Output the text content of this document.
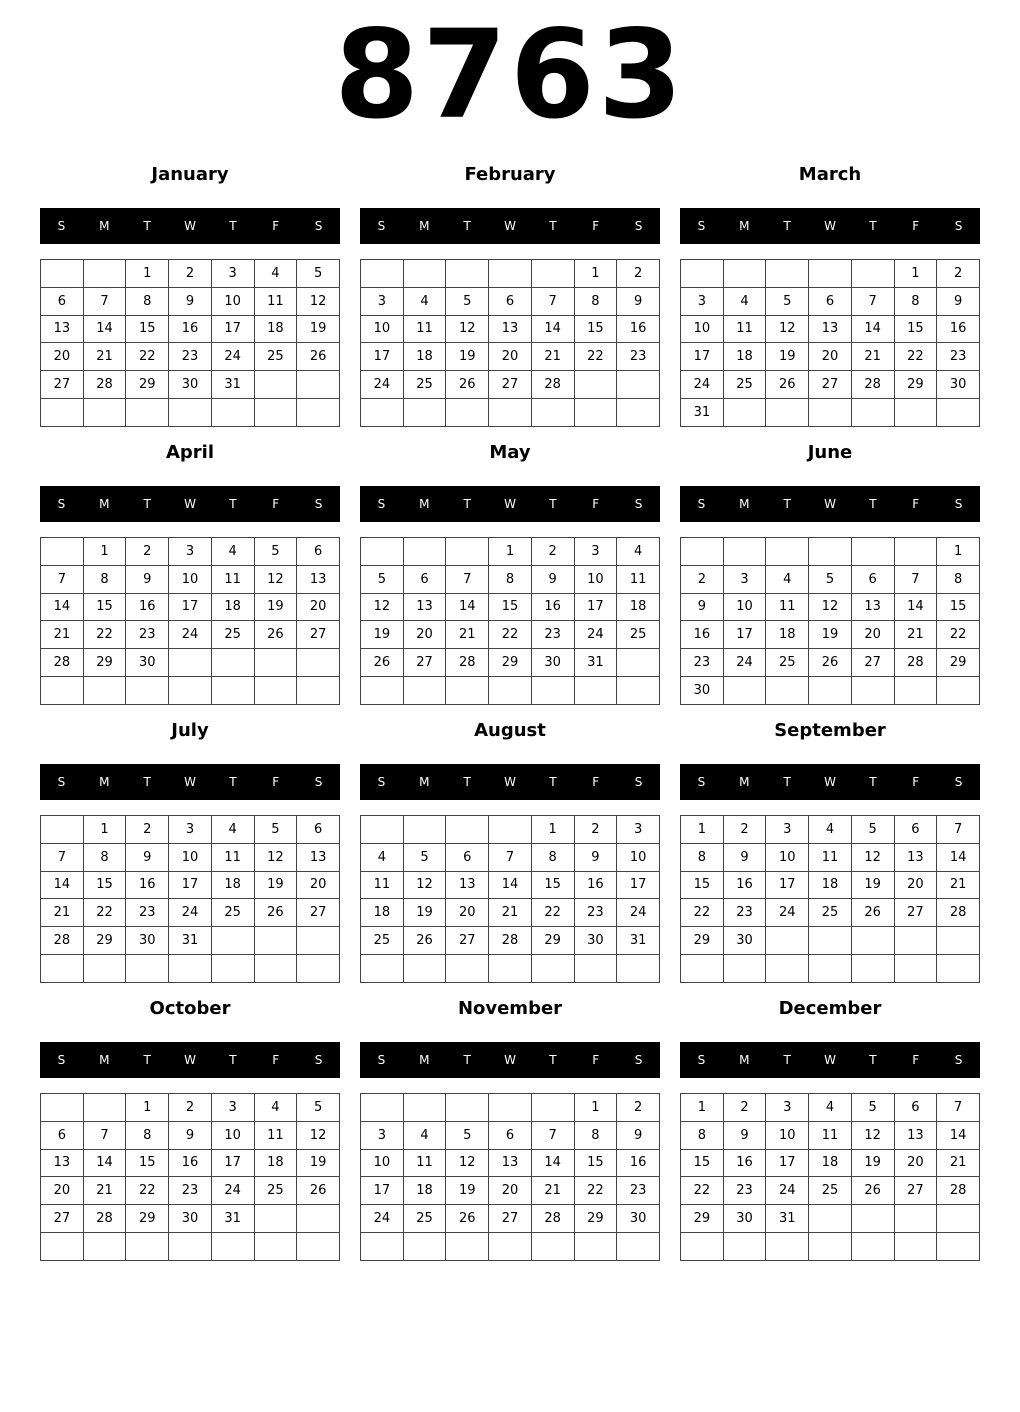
8763
January
S	M	T	W	T	F	S
		1	2	3	4	5
6	7	8	9	10	11	12
13	14	15	16	17	18	19
20	21	22	23	24	25	26
27	28	29	30	31		

February
S	M	T	W	T	F	S
					1	2
3	4	5	6	7	8	9
10	11	12	13	14	15	16
17	18	19	20	21	22	23
24	25	26	27	28		

March
S	M	T	W	T	F	S
					1	2
3	4	5	6	7	8	9
10	11	12	13	14	15	16
17	18	19	20	21	22	23
24	25	26	27	28	29	30
31						
April
S	M	T	W	T	F	S
	1	2	3	4	5	6
7	8	9	10	11	12	13
14	15	16	17	18	19	20
21	22	23	24	25	26	27
28	29	30				

May
S	M	T	W	T	F	S
			1	2	3	4
5	6	7	8	9	10	11
12	13	14	15	16	17	18
19	20	21	22	23	24	25
26	27	28	29	30	31	

June
S	M	T	W	T	F	S
						1
2	3	4	5	6	7	8
9	10	11	12	13	14	15
16	17	18	19	20	21	22
23	24	25	26	27	28	29
30						
July
S	M	T	W	T	F	S
	1	2	3	4	5	6
7	8	9	10	11	12	13
14	15	16	17	18	19	20
21	22	23	24	25	26	27
28	29	30	31			

August
S	M	T	W	T	F	S
				1	2	3
4	5	6	7	8	9	10
11	12	13	14	15	16	17
18	19	20	21	22	23	24
25	26	27	28	29	30	31

September
S	M	T	W	T	F	S
1	2	3	4	5	6	7
8	9	10	11	12	13	14
15	16	17	18	19	20	21
22	23	24	25	26	27	28
29	30					

October
S	M	T	W	T	F	S
		1	2	3	4	5
6	7	8	9	10	11	12
13	14	15	16	17	18	19
20	21	22	23	24	25	26
27	28	29	30	31		

November
S	M	T	W	T	F	S
					1	2
3	4	5	6	7	8	9
10	11	12	13	14	15	16
17	18	19	20	21	22	23
24	25	26	27	28	29	30

December
S	M	T	W	T	F	S
1	2	3	4	5	6	7
8	9	10	11	12	13	14
15	16	17	18	19	20	21
22	23	24	25	26	27	28
29	30	31				
